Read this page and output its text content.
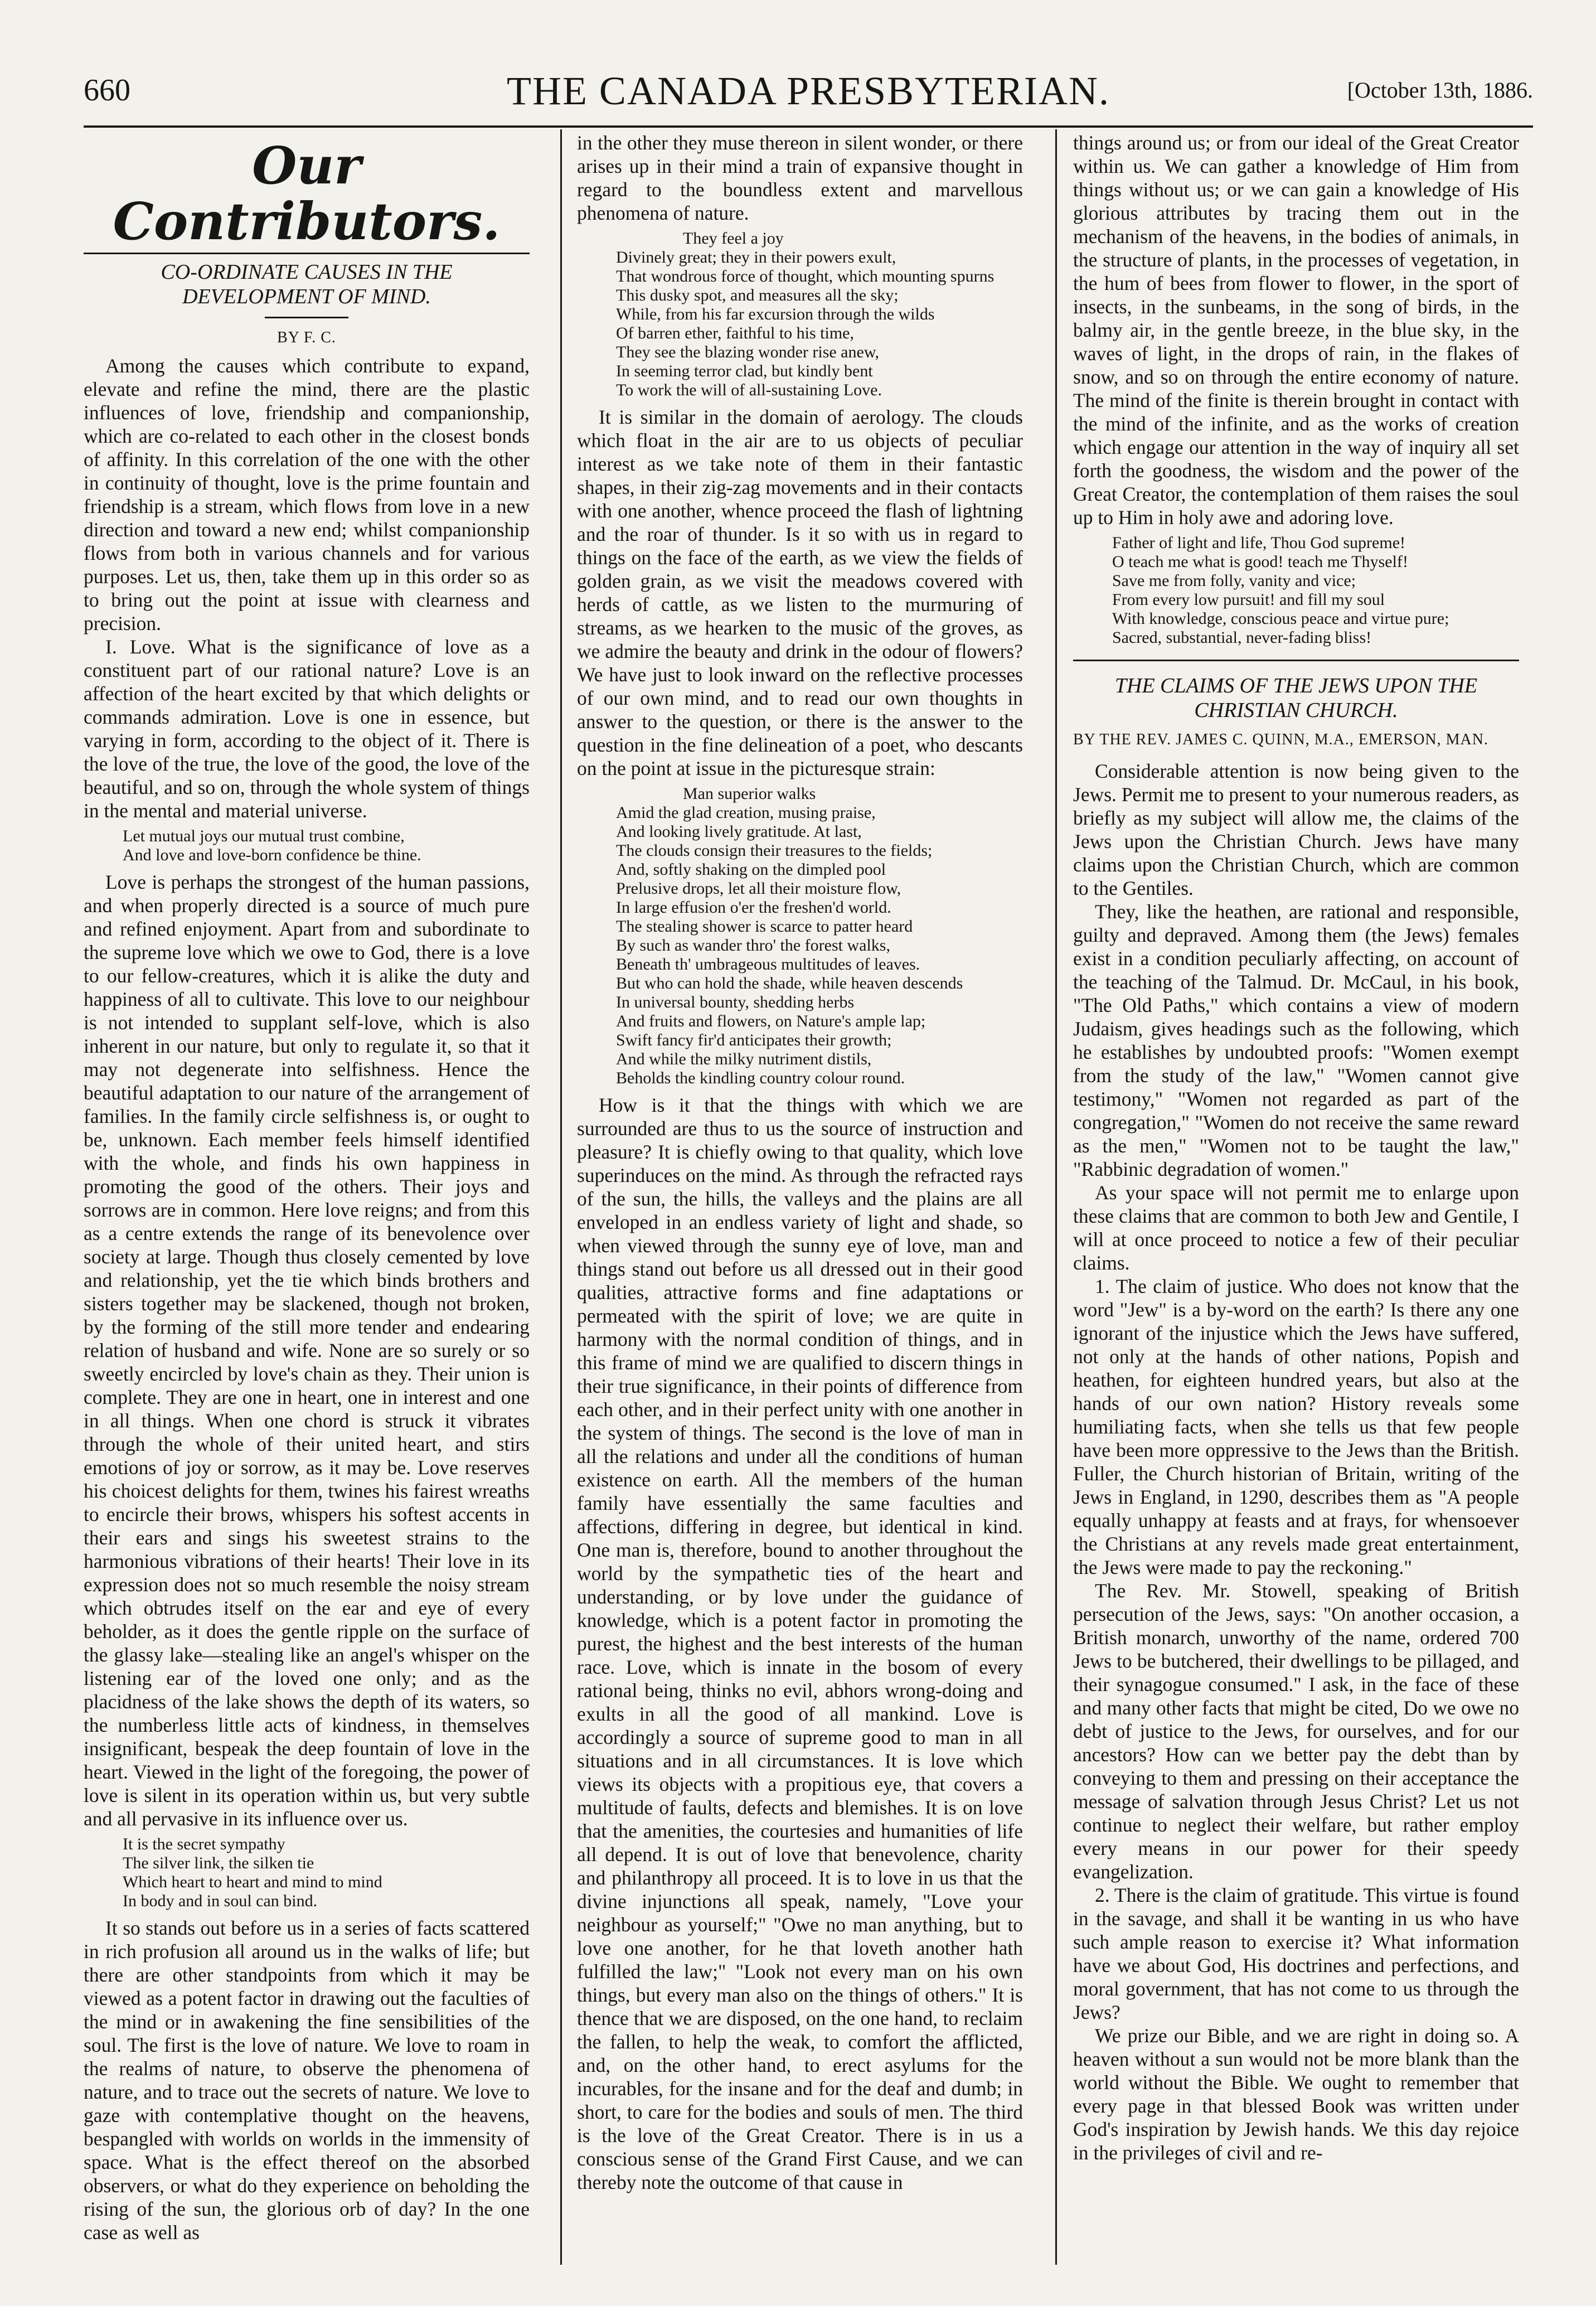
660	THE CANADA PRESBYTERIAN.	[October 13th, 1886.
Our Contributors.
CO-ORDINATE CAUSES IN THE DEVELOPMENT OF MIND.
BY F. C.

Among the causes which contribute to expand, elevate and refine the mind, there are the plastic influences of love, friendship and companionship, which are co-related to each other in the closest bonds of affinity. In this correlation of the one with the other in continuity of thought, love is the prime fountain and friendship is a stream, which flows from love in a new direction and toward a new end; whilst companionship flows from both in various channels and for various purposes. Let us, then, take them up in this order so as to bring out the point at issue with clearness and precision.

I. Love. What is the significance of love as a constituent part of our rational nature? Love is an affection of the heart excited by that which delights or commands admiration. Love is one in essence, but varying in form, according to the object of it. There is the love of the true, the love of the good, the love of the beautiful, and so on, through the whole system of things in the mental and material universe.

Let mutual joys our mutual trust combine,
And love and love-born confidence be thine.

Love is perhaps the strongest of the human passions, and when properly directed is a source of much pure and refined enjoyment. Apart from and subordinate to the supreme love which we owe to God, there is a love to our fellow-creatures, which it is alike the duty and happiness of all to cultivate. This love to our neighbour is not intended to supplant self-love, which is also inherent in our nature, but only to regulate it, so that it may not degenerate into selfishness. Hence the beautiful adaptation to our nature of the arrangement of families. In the family circle selfishness is, or ought to be, unknown. Each member feels himself identified with the whole, and finds his own happiness in promoting the good of the others. Their joys and sorrows are in common. Here love reigns; and from this as a centre extends the range of its benevolence over society at large. Though thus closely cemented by love and relationship, yet the tie which binds brothers and sisters together may be slackened, though not broken, by the forming of the still more tender and endearing relation of husband and wife. None are so surely or so sweetly encircled by love's chain as they. Their union is complete. They are one in heart, one in interest and one in all things. When one chord is struck it vibrates through the whole of their united heart, and stirs emotions of joy or sorrow, as it may be. Love reserves his choicest delights for them, twines his fairest wreaths to encircle their brows, whispers his softest accents in their ears and sings his sweetest strains to the harmonious vibrations of their hearts! Their love in its expression does not so much resemble the noisy stream which obtrudes itself on the ear and eye of every beholder, as it does the gentle ripple on the surface of the glassy lake—stealing like an angel's whisper on the listening ear of the loved one only; and as the placidness of the lake shows the depth of its waters, so the numberless little acts of kindness, in themselves insignificant, bespeak the deep fountain of love in the heart. Viewed in the light of the foregoing, the power of love is silent in its operation within us, but very subtle and all pervasive in its influence over us.

It is the secret sympathy
The silver link, the silken tie
Which heart to heart and mind to mind
In body and in soul can bind.

It so stands out before us in a series of facts scattered in rich profusion all around us in the walks of life; but there are other standpoints from which it may be viewed as a potent factor in drawing out the faculties of the mind or in awakening the fine sensibilities of the soul. The first is the love of nature. We love to roam in the realms of nature, to observe the phenomena of nature, and to trace out the secrets of nature. We love to gaze with contemplative thought on the heavens, bespangled with worlds on worlds in the immensity of space. What is the effect thereof on the absorbed observers, or what do they experience on beholding the rising of the sun, the glorious orb of day? In the one case as well as

in the other they muse thereon in silent wonder, or there arises up in their mind a train of expansive thought in regard to the boundless extent and marvellous phenomena of nature.

They feel a joy
Divinely great; they in their powers exult,
That wondrous force of thought, which mounting spurns
This dusky spot, and measures all the sky;
While, from his far excursion through the wilds
Of barren ether, faithful to his time,
They see the blazing wonder rise anew,
In seeming terror clad, but kindly bent
To work the will of all-sustaining Love.

It is similar in the domain of aerology. The clouds which float in the air are to us objects of peculiar interest as we take note of them in their fantastic shapes, in their zig-zag movements and in their contacts with one another, whence proceed the flash of lightning and the roar of thunder. Is it so with us in regard to things on the face of the earth, as we view the fields of golden grain, as we visit the meadows covered with herds of cattle, as we listen to the murmuring of streams, as we hearken to the music of the groves, as we admire the beauty and drink in the odour of flowers? We have just to look inward on the reflective processes of our own mind, and to read our own thoughts in answer to the question, or there is the answer to the question in the fine delineation of a poet, who descants on the point at issue in the picturesque strain:

Man superior walks
Amid the glad creation, musing praise,
And looking lively gratitude. At last,
The clouds consign their treasures to the fields;
And, softly shaking on the dimpled pool
Prelusive drops, let all their moisture flow,
In large effusion o'er the freshen'd world.
The stealing shower is scarce to patter heard
By such as wander thro' the forest walks,
Beneath th' umbrageous multitudes of leaves.
But who can hold the shade, while heaven descends
In universal bounty, shedding herbs
And fruits and flowers, on Nature's ample lap;
Swift fancy fir'd anticipates their growth;
And while the milky nutriment distils,
Beholds the kindling country colour round.

How is it that the things with which we are surrounded are thus to us the source of instruction and pleasure? It is chiefly owing to that quality, which love superinduces on the mind. As through the refracted rays of the sun, the hills, the valleys and the plains are all enveloped in an endless variety of light and shade, so when viewed through the sunny eye of love, man and things stand out before us all dressed out in their good qualities, attractive forms and fine adaptations or permeated with the spirit of love; we are quite in harmony with the normal condition of things, and in this frame of mind we are qualified to discern things in their true significance, in their points of difference from each other, and in their perfect unity with one another in the system of things. The second is the love of man in all the relations and under all the conditions of human existence on earth. All the members of the human family have essentially the same faculties and affections, differing in degree, but identical in kind. One man is, therefore, bound to another throughout the world by the sympathetic ties of the heart and understanding, or by love under the guidance of knowledge, which is a potent factor in promoting the purest, the highest and the best interests of the human race. Love, which is innate in the bosom of every rational being, thinks no evil, abhors wrong-doing and exults in all the good of all mankind. Love is accordingly a source of supreme good to man in all situations and in all circumstances. It is love which views its objects with a propitious eye, that covers a multitude of faults, defects and blemishes. It is on love that the amenities, the courtesies and humanities of life all depend. It is out of love that benevolence, charity and philanthropy all proceed. It is to love in us that the divine injunctions all speak, namely, "Love your neighbour as yourself;" "Owe no man anything, but to love one another, for he that loveth another hath fulfilled the law;" "Look not every man on his own things, but every man also on the things of others." It is thence that we are disposed, on the one hand, to reclaim the fallen, to help the weak, to comfort the afflicted, and, on the other hand, to erect asylums for the incurables, for the insane and for the deaf and dumb; in short, to care for the bodies and souls of men. The third is the love of the Great Creator. There is in us a conscious sense of the Grand First Cause, and we can thereby note the outcome of that cause in

things around us; or from our ideal of the Great Creator within us. We can gather a knowledge of Him from things without us; or we can gain a knowledge of His glorious attributes by tracing them out in the mechanism of the heavens, in the bodies of animals, in the structure of plants, in the processes of vegetation, in the hum of bees from flower to flower, in the sport of insects, in the sunbeams, in the song of birds, in the balmy air, in the gentle breeze, in the blue sky, in the waves of light, in the drops of rain, in the flakes of snow, and so on through the entire economy of nature. The mind of the finite is therein brought in contact with the mind of the infinite, and as the works of creation which engage our attention in the way of inquiry all set forth the goodness, the wisdom and the power of the Great Creator, the contemplation of them raises the soul up to Him in holy awe and adoring love.

Father of light and life, Thou God supreme!
O teach me what is good! teach me Thyself!
Save me from folly, vanity and vice;
From every low pursuit! and fill my soul
With knowledge, conscious peace and virtue pure;
Sacred, substantial, never-fading bliss!
THE CLAIMS OF THE JEWS UPON THE CHRISTIAN CHURCH.
BY THE REV. JAMES C. QUINN, M.A., EMERSON, MAN.

Considerable attention is now being given to the Jews. Permit me to present to your numerous readers, as briefly as my subject will allow me, the claims of the Jews upon the Christian Church. Jews have many claims upon the Christian Church, which are common to the Gentiles.

They, like the heathen, are rational and responsible, guilty and depraved. Among them (the Jews) females exist in a condition peculiarly affecting, on account of the teaching of the Talmud. Dr. McCaul, in his book, "The Old Paths," which contains a view of modern Judaism, gives headings such as the following, which he establishes by undoubted proofs: "Women exempt from the study of the law," "Women cannot give testimony," "Women not regarded as part of the congregation," "Women do not receive the same reward as the men," "Women not to be taught the law," "Rabbinic degradation of women."

As your space will not permit me to enlarge upon these claims that are common to both Jew and Gentile, I will at once proceed to notice a few of their peculiar claims.

1. The claim of justice. Who does not know that the word "Jew" is a by-word on the earth? Is there any one ignorant of the injustice which the Jews have suffered, not only at the hands of other nations, Popish and heathen, for eighteen hundred years, but also at the hands of our own nation? History reveals some humiliating facts, when she tells us that few people have been more oppressive to the Jews than the British. Fuller, the Church historian of Britain, writing of the Jews in England, in 1290, describes them as "A people equally unhappy at feasts and at frays, for whensoever the Christians at any revels made great entertainment, the Jews were made to pay the reckoning."

The Rev. Mr. Stowell, speaking of British persecution of the Jews, says: "On another occasion, a British monarch, unworthy of the name, ordered 700 Jews to be butchered, their dwellings to be pillaged, and their synagogue consumed." I ask, in the face of these and many other facts that might be cited, Do we owe no debt of justice to the Jews, for ourselves, and for our ancestors? How can we better pay the debt than by conveying to them and pressing on their acceptance the message of salvation through Jesus Christ? Let us not continue to neglect their welfare, but rather employ every means in our power for their speedy evangelization.

2. There is the claim of gratitude. This virtue is found in the savage, and shall it be wanting in us who have such ample reason to exercise it? What information have we about God, His doctrines and perfections, and moral government, that has not come to us through the Jews?

We prize our Bible, and we are right in doing so. A heaven without a sun would not be more blank than the world without the Bible. We ought to remember that every page in that blessed Book was written under God's inspiration by Jewish hands. We this day rejoice in the privileges of civil and re-
